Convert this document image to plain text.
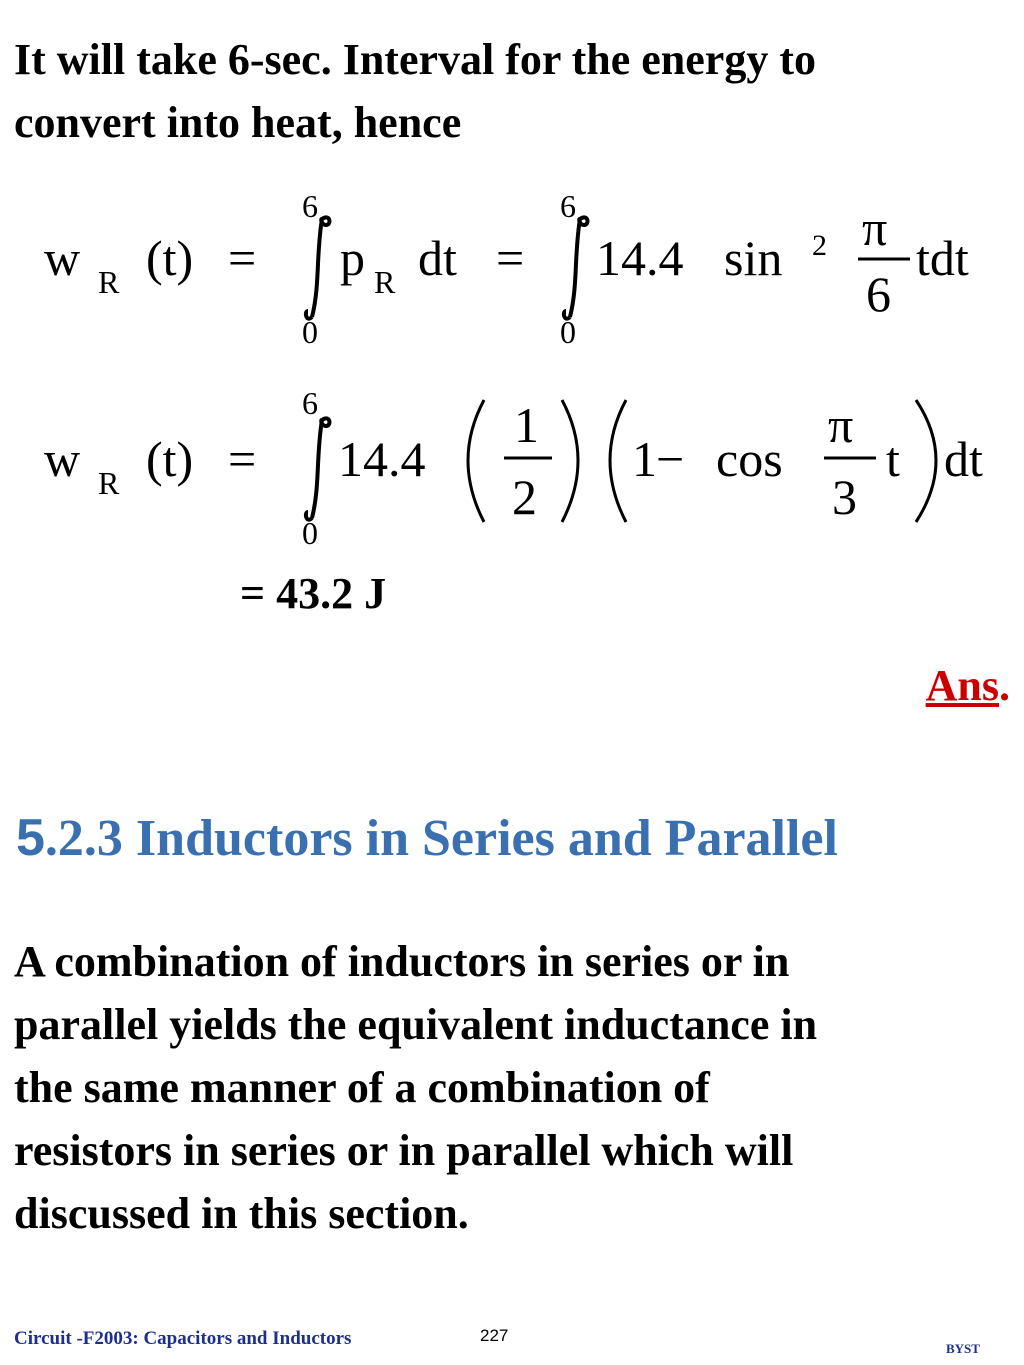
It will take 6-sec. Interval for the energy to
convert into heat, hence
w R (t) =
6
0
p R dt =
6
0
14.4 sin 2 π
6
tdt
w R (t) =
6
0
14.4
1
2
1 − cos
π
3
t dt
= 43.2 J
Ans.
5.2.3 Inductors in Series and Parallel
A combination of inductors in series or in
parallel yields the equivalent inductance in
the same manner of a combination of
resistors in series or in parallel which will
discussed in this section.
Circuit -F2003: Capacitors and Inductors	227
BYST
